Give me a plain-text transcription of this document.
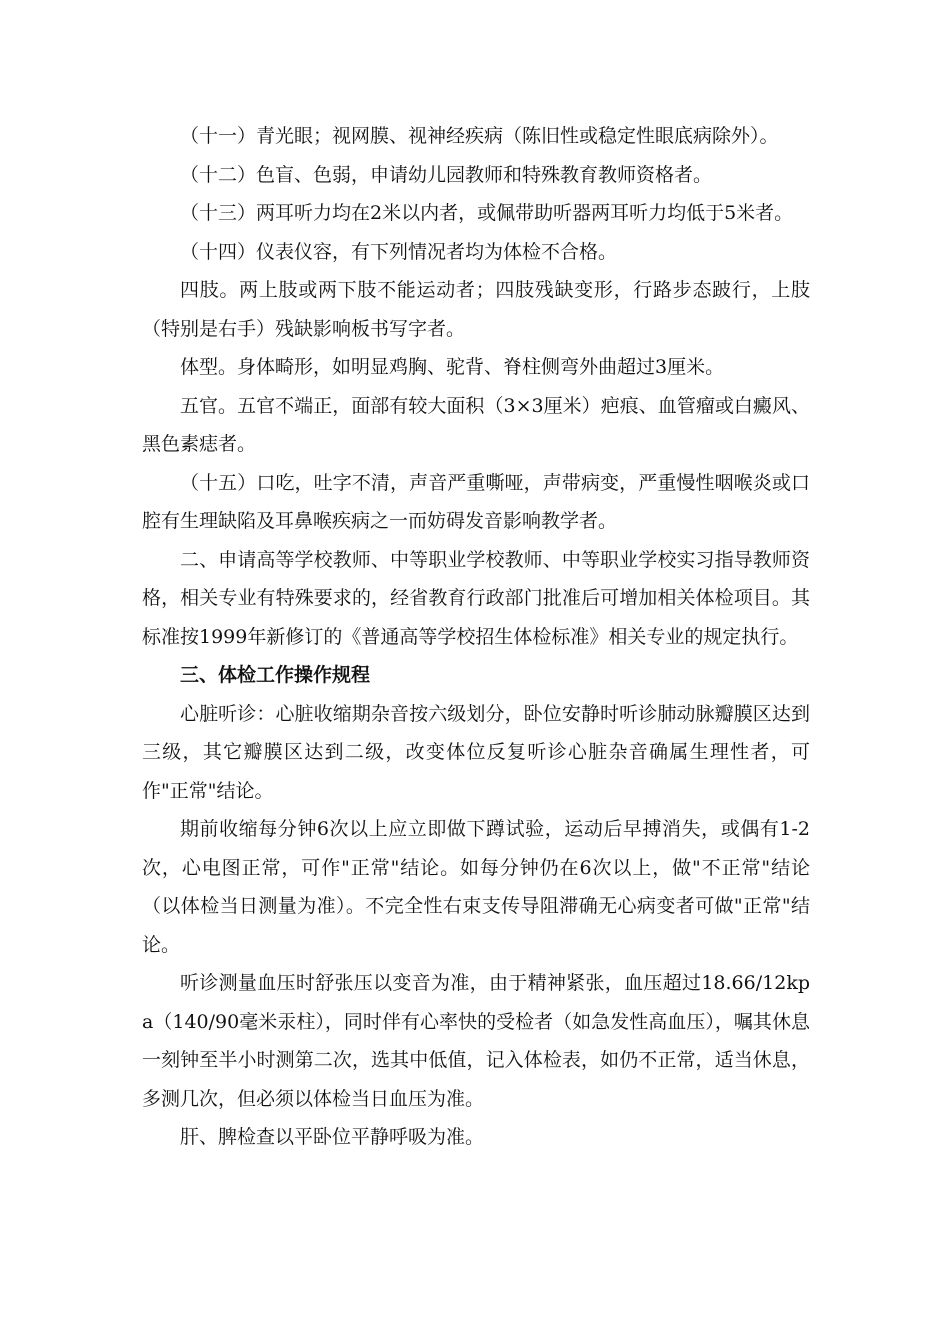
（十一）青光眼；视网膜、视神经疾病（陈旧性或稳定性眼底病除外）。

（十二）色盲、色弱，申请幼儿园教师和特殊教育教师资格者。

（十三）两耳听力均在2米以内者，或佩带助听器两耳听力均低于5米者。

（十四）仪表仪容，有下列情况者均为体检不合格。

四肢。两上肢或两下肢不能运动者；四肢残缺变形，行路步态跛行，上肢（特别是右手）残缺影响板书写字者。

体型。身体畸形，如明显鸡胸、驼背、脊柱侧弯外曲超过3厘米。

五官。五官不端正，面部有较大面积（3×3厘米）疤痕、血管瘤或白癜风、黑色素痣者。

（十五）口吃，吐字不清，声音严重嘶哑，声带病变，严重慢性咽喉炎或口腔有生理缺陷及耳鼻喉疾病之一而妨碍发音影响教学者。

二、申请高等学校教师、中等职业学校教师、中等职业学校实习指导教师资格，相关专业有特殊要求的，经省教育行政部门批准后可增加相关体检项目。其标准按1999年新修订的《普通高等学校招生体检标准》相关专业的规定执行。

三、体检工作操作规程

心脏听诊：心脏收缩期杂音按六级划分，卧位安静时听诊肺动脉瓣膜区达到三级，其它瓣膜区达到二级，改变体位反复听诊心脏杂音确属生理性者，可作"正常"结论。

期前收缩每分钟6次以上应立即做下蹲试验，运动后早搏消失，或偶有1-2次，心电图正常，可作"正常"结论。如每分钟仍在6次以上，做"不正常"结论（以体检当日测量为准）。不完全性右束支传导阻滞确无心病变者可做"正常"结论。

听诊测量血压时舒张压以变音为准，由于精神紧张，血压超过18.66/12kpa（140/90毫米汞柱），同时伴有心率快的受检者（如急发性高血压），嘱其休息一刻钟至半小时测第二次，选其中低值，记入体检表，如仍不正常，适当休息，多测几次，但必须以体检当日血压为准。

肝、脾检查以平卧位平静呼吸为准。
